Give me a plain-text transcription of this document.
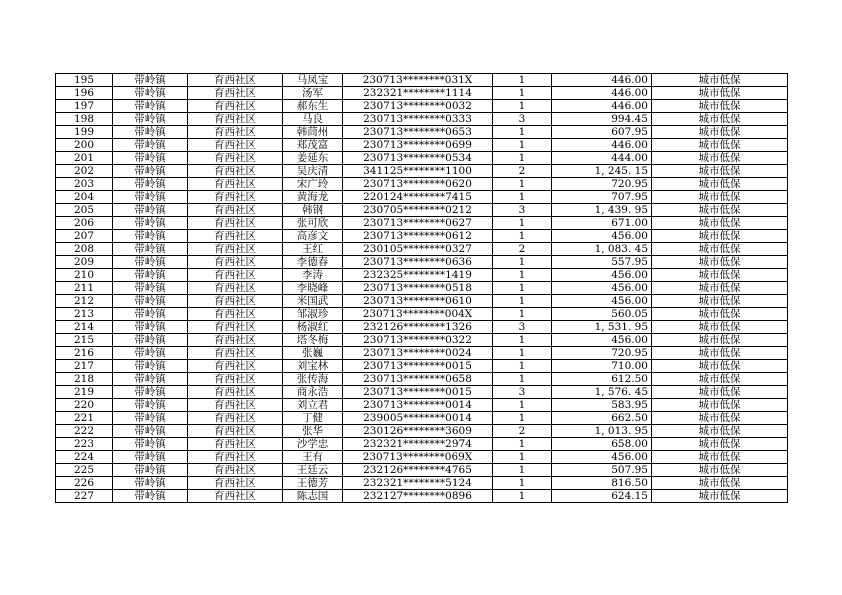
195	带岭镇	育西社区	马凤宝	230713********031X	1	446.00	城市低保
196	带岭镇	育西社区	汤军	232321********1114	1	446.00	城市低保
197	带岭镇	育西社区	郝东生	230713********0032	1	446.00	城市低保
198	带岭镇	育西社区	马良	230713********0333	3	994.45	城市低保
199	带岭镇	育西社区	韩茼州	230713********0653	1	607.95	城市低保
200	带岭镇	育西社区	郑茂富	230713********0699	1	446.00	城市低保
201	带岭镇	育西社区	姜延东	230713********0534	1	444.00	城市低保
202	带岭镇	育西社区	吴庆清	341125********1100	2	1, 245. 15	城市低保
203	带岭镇	育西社区	宋广玲	230713********0620	1	720.95	城市低保
204	带岭镇	育西社区	黄海龙	220124********7415	1	707.95	城市低保
205	带岭镇	育西社区	韩钢	230705********0212	3	1, 439. 95	城市低保
206	带岭镇	育西社区	张可欣	230713********0627	1	671.00	城市低保
207	带岭镇	育西社区	高彦文	230713********0612	1	456.00	城市低保
208	带岭镇	育西社区	王红	230105********0327	2	1, 083. 45	城市低保
209	带岭镇	育西社区	李德春	230713********0636	1	557.95	城市低保
210	带岭镇	育西社区	李涛	232325********1419	1	456.00	城市低保
211	带岭镇	育西社区	李晓峰	230713********0518	1	456.00	城市低保
212	带岭镇	育西社区	米国武	230713********0610	1	456.00	城市低保
213	带岭镇	育西社区	邹淑珍	230713********004X	1	560.05	城市低保
214	带岭镇	育西社区	杨淑红	232126********1326	3	1, 531. 95	城市低保
215	带岭镇	育西社区	塔冬梅	230713********0322	1	456.00	城市低保
216	带岭镇	育西社区	张巍	230713********0024	1	720.95	城市低保
217	带岭镇	育西社区	刘宝林	230713********0015	1	710.00	城市低保
218	带岭镇	育西社区	张传海	230713********0658	1	612.50	城市低保
219	带岭镇	育西社区	商永浩	230713********0015	3	1, 576. 45	城市低保
220	带岭镇	育西社区	刘立君	230713********0014	1	583.95	城市低保
221	带岭镇	育西社区	丁健	239005********0014	1	662.50	城市低保
222	带岭镇	育西社区	张华	230126********3609	2	1, 013. 95	城市低保
223	带岭镇	育西社区	沙学忠	232321********2974	1	658.00	城市低保
224	带岭镇	育西社区	王有	230713********069X	1	456.00	城市低保
225	带岭镇	育西社区	王廷云	232126********4765	1	507.95	城市低保
226	带岭镇	育西社区	王德芳	232321********5124	1	816.50	城市低保
227	带岭镇	育西社区	陈志国	232127********0896	1	624.15	城市低保
